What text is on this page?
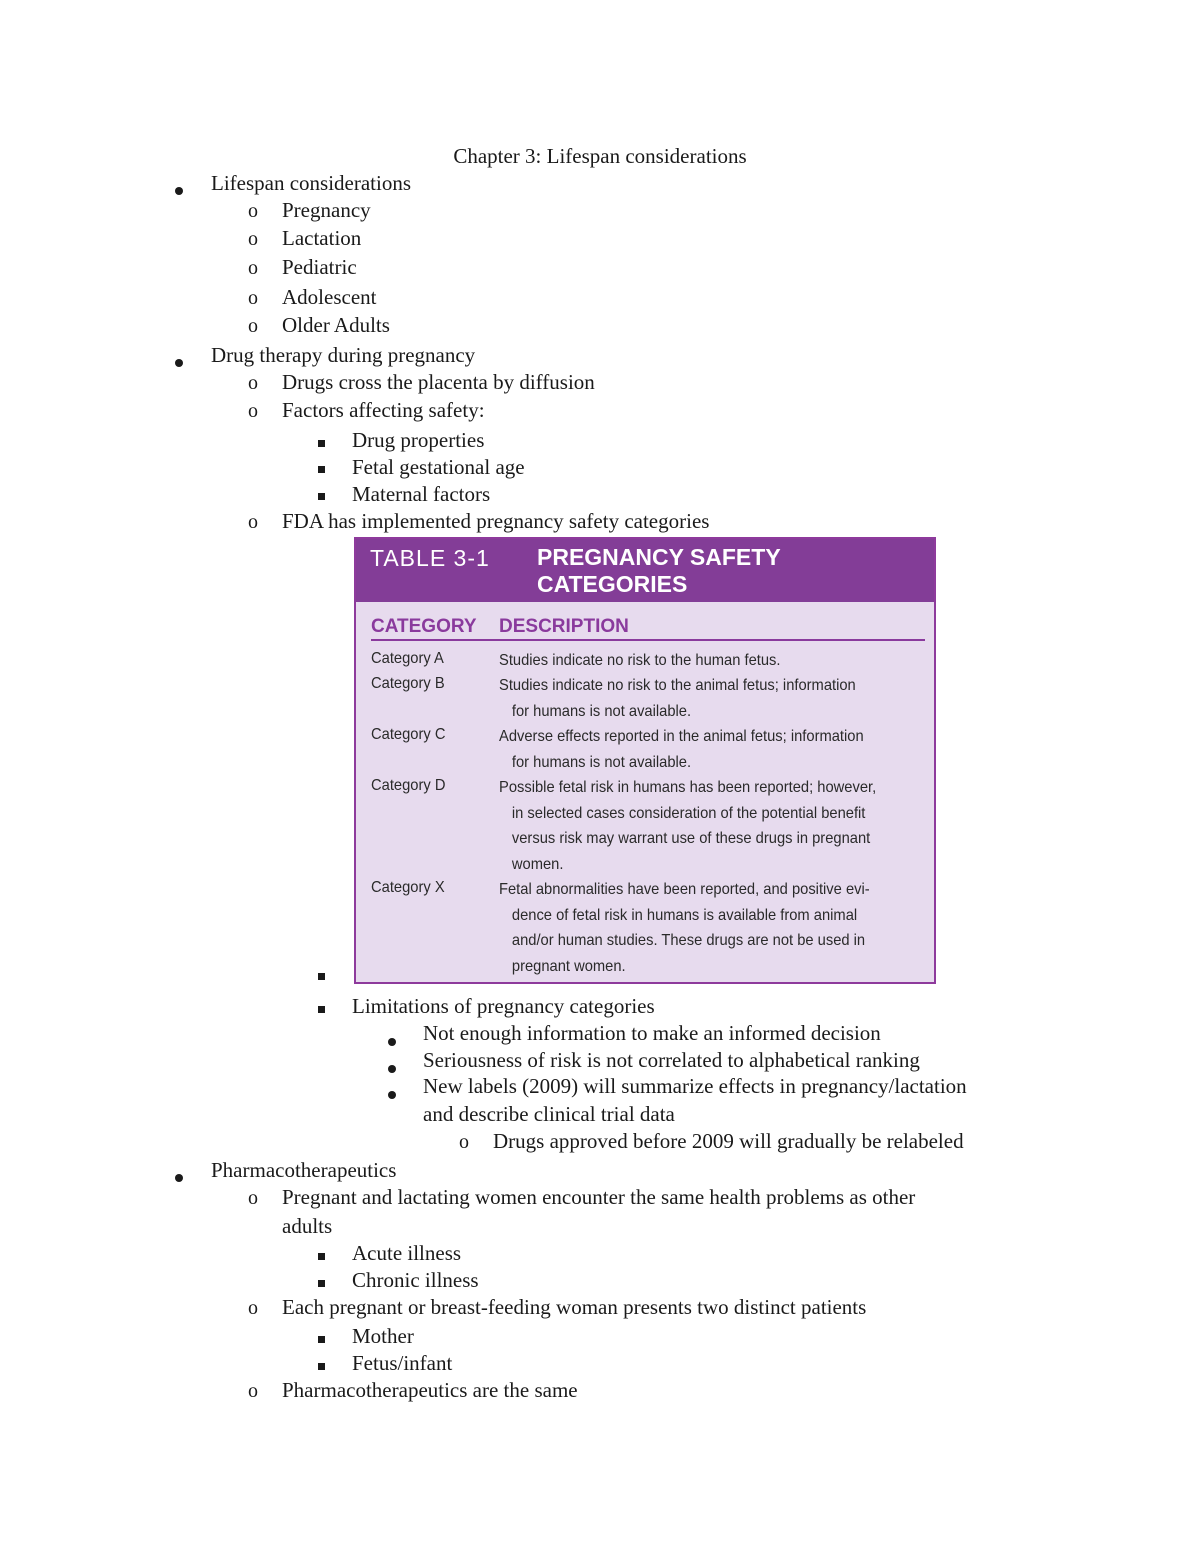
Chapter 3: Lifespan considerations
Lifespan considerations
o Pregnancy
o Lactation
o Pediatric
o Adolescent
o Older Adults
Drug therapy during pregnancy
o Drugs cross the placenta by diffusion
o Factors affecting safety:
Drug properties
Fetal gestational age
Maternal factors
o FDA has implemented pregnancy safety categories
TABLE 3-1 PREGNANCY SAFETY
CATEGORIES
CATEGORY DESCRIPTION
Category A	Studies indicate no risk to the human fetus.
Category B	Studies indicate no risk to the animal fetus; information
for humans is not available.
Category C	Adverse effects reported in the animal fetus; information
for humans is not available.
Category D	Possible fetal risk in humans has been reported; however,
in selected cases consideration of the potential benefit
versus risk may warrant use of these drugs in pregnant
women.
Category X	Fetal abnormalities have been reported, and positive evi-
dence of fetal risk in humans is available from animal
and/or human studies. These drugs are not be used in
pregnant women.
Limitations of pregnancy categories
Not enough information to make an informed decision
Seriousness of risk is not correlated to alphabetical ranking
New labels (2009) will summarize effects in pregnancy/lactation
and describe clinical trial data
o Drugs approved before 2009 will gradually be relabeled
Pharmacotherapeutics
o Pregnant and lactating women encounter the same health problems as other
adults
Acute illness
Chronic illness
o Each pregnant or breast-feeding woman presents two distinct patients
Mother
Fetus/infant
o Pharmacotherapeutics are the same
